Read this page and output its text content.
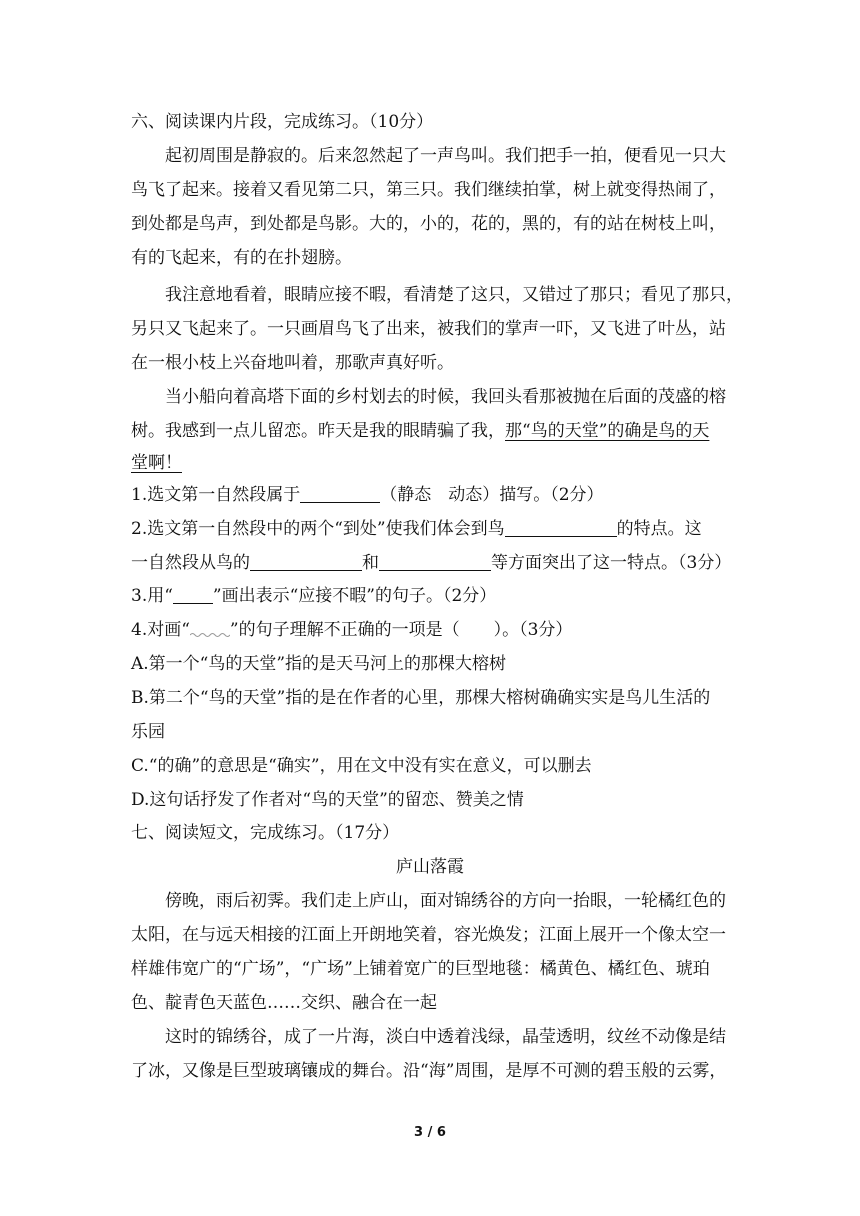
六、阅读课内片段，完成练习。（10分）
起初周围是静寂的。后来忽然起了一声鸟叫。我们把手一拍，便看见一只大
鸟飞了起来。接着又看见第二只，第三只。我们继续拍掌，树上就变得热闹了，
到处都是鸟声，到处都是鸟影。大的，小的，花的，黑的，有的站在树枝上叫，
有的飞起来，有的在扑翅膀。
我注意地看着，眼睛应接不暇，看清楚了这只，又错过了那只；看见了那只，
另只又飞起来了。一只画眉鸟飞了出来，被我们的掌声一吓，又飞进了叶丛，站
在一根小枝上兴奋地叫着，那歌声真好听。
当小船向着高塔下面的乡村划去的时候，我回头看那被抛在后面的茂盛的榕
树。我感到一点儿留恋。昨天是我的眼睛骗了我，那“鸟的天堂”的确是鸟的天
堂啊！
1.选文第一自然段属于	（静态　动态）描写。（2分）
2.选文第一自然段中的两个“到处”使我们体会到鸟	的特点。这
一自然段从鸟的	和	等方面突出了这一特点。（3分）
3.用“ ”画出表示“应接不暇”的句子。（2分）
4.对画“ ”的句子理解不正确的一项是（　　）。（3分）
A.第一个“鸟的天堂”指的是天马河上的那棵大榕树
B.第二个“鸟的天堂”指的是在作者的心里，那棵大榕树确确实实是鸟儿生活的
乐园
C.“的确”的意思是“确实”，用在文中没有实在意义，可以删去
D.这句话抒发了作者对“鸟的天堂”的留恋、赞美之情
七、阅读短文，完成练习。（17分）
庐山落霞
傍晚，雨后初霁。我们走上庐山，面对锦绣谷的方向一抬眼，一轮橘红色的
太阳，在与远天相接的江面上开朗地笑着，容光焕发；江面上展开一个像太空一
样雄伟宽广的“广场”，“广场”上铺着宽广的巨型地毯：橘黄色、橘红色、琥珀
色、靛青色天蓝色……交织、融合在一起
这时的锦绣谷，成了一片海，淡白中透着浅绿，晶莹透明，纹丝不动像是结
了冰，又像是巨型玻璃镶成的舞台。沿“海”周围，是厚不可测的碧玉般的云雾，
3 / 6
